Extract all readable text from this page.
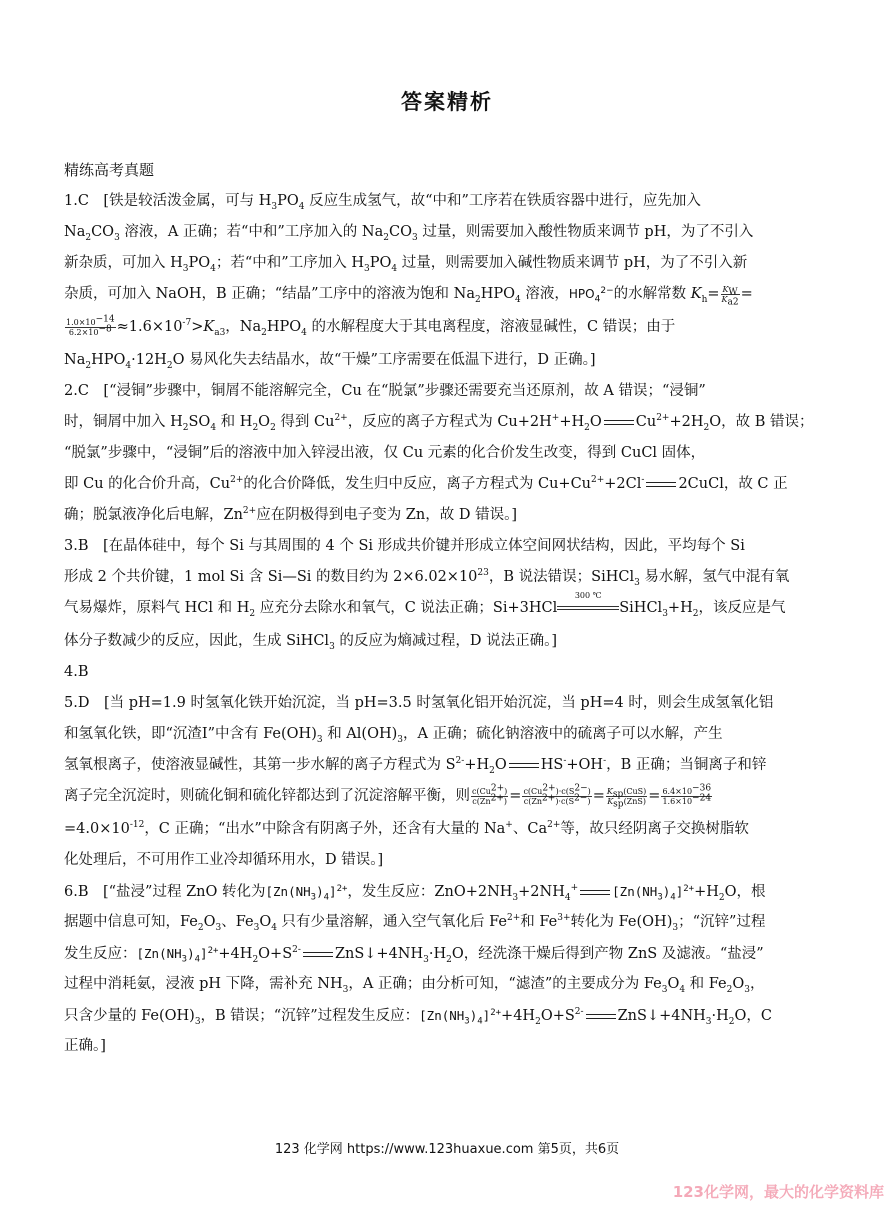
答案精析
精练高考真题
1.C　[铁是较活泼金属，可与 $H_3PO_4$ 反应生成氢气，故“中和”工序若在铁质容器中进行，应先加入
$Na_2CO_3$ 溶液，A 正确；若“中和”工序加入的 $Na_2CO_3$ 过量，则需要加入酸性物质来调节 pH，为了不引入
新杂质，可加入 $H_3PO_4$；若“中和”工序加入 $H_3PO_4$ 过量，则需要加入碱性物质来调节 pH，为了不引入新
杂质，可加入 NaOH，B 正确；“结晶”工序中的溶液为饱和 $Na_2HPO_4$ 溶液，$HPO_4^{2-}$的水解常数 $K_h= \frac{K_W}{K_{a2}}$ =
$\frac{1.0\times 10^{-14}}{6.2\times 10^{-8}} \approx 1.6\times 10^{-7}>K_{a3}$，$Na_2HPO_4$ 的水解程度大于其电离程度，溶液显碱性，C 错误；由于
$Na_2HPO_4\cdot 12H_2O$ 易风化失去结晶水，故“干燥”工序需要在低温下进行，D 正确。]
2.C　[“浸铜”步骤中，铜屑不能溶解完全，Cu 在“脱氯”步骤还需要充当还原剂，故 A 错误；“浸铜”
时，铜屑中加入 $H_2SO_4$ 和 $H_2O_2$ 得到 $Cu^{2+}$，反应的离子方程式为 $Cu+2H^++H_2O$ $Cu^{2+}+2H_2O$，故 B 错误；
“脱氯”步骤中，“浸铜”后的溶液中加入锌浸出液，仅 Cu 元素的化合价发生改变，得到 CuCl 固体，
即 Cu 的化合价升高，$Cu^{2+}$的化合价降低，发生归中反应，离子方程式为 $Cu+Cu^{2+}+2Cl^-$ 2CuCl，故 C 正
确；脱氯液净化后电解，$Zn^{2+}$应在阴极得到电子变为 Zn，故 D 错误。]
3.B　[在晶体硅中，每个 Si 与其周围的 4 个 Si 形成共价键并形成立体空间网状结构，因此，平均每个 Si
形成 2 个共价键，1 mol Si 含 Si—Si 的数目约为 $2\times 6.02\times 10^{23}$，B 说法错误；SiHCl$_3$ 易水解，氢气中混有氧
气易爆炸，原料气 HCl 和 $H_2$ 应充分去除水和氧气，C 说法正确；Si+3HCl
300 ℃
$SiHCl_3+H_2$，该反应是气
体分子数减少的反应，因此，生成 SiHCl$_3$ 的反应为熵减过程，D 说法正确。]
4.B
5.D　[当 pH=1.9 时氢氧化铁开始沉淀，当 pH=3.5 时氢氧化铝开始沉淀，当 pH=4 时，则会生成氢氧化铝
和氢氧化铁，即“沉渣Ⅰ”中含有 $Fe(OH)_3$ 和 $Al(OH)_3$，A 正确；硫化钠溶液中的硫离子可以水解，产生
氢氧根离子，使溶液显碱性，其第一步水解的离子方程式为 $S^{2-}+H_2O$ HS-+OH-，B 正确；当铜离子和锌
离子完全沉淀时，则硫化铜和硫化锌都达到了沉淀溶解平衡，则 $\frac{c(Cu^{2+})}{c(Zn^{2+})} = \frac{c(Cu^{2+})\cdot c(S^{2-})}{c(Zn^{2+})\cdot c(S^{2-})} = \frac{K_{sp}(CuS)}{K_{sp}(ZnS)} = \frac{6.4\times 10^{-36}}{1.6\times 10^{-24}}$
$=4.0\times 10^{-12}$，C 正确；“出水”中除含有阴离子外，还含有大量的 Na+、$Ca^{2+}$等，故只经阴离子交换树脂软
化处理后，不可用作工业冷却循环用水，D 错误。]
6.B　[“盐浸”过程 ZnO 转化为$[Zn(NH_3)_4]^{2+}$，发生反应：$ZnO+2NH_3+2NH_4^+$	$[Zn(NH_3)_4]^{2+}+H_2O$，根
据题中信息可知，$Fe_2O_3$、$Fe_3O_4$ 只有少量溶解，通入空气氧化后 $Fe^{2+}$和 $Fe^{3+}$转化为 $Fe(OH)_3$；“沉锌”过程
发生反应：$[Zn(NH_3)_4]^{2+}+4H_2O+S^{2-}$ $ZnS↓+4NH_3\cdot H_2O$，经洗涤干燥后得到产物 ZnS 及滤液。“盐浸”
过程中消耗氨，浸液 pH 下降，需补充 $NH_3$，A 正确；由分析可知，“滤渣”的主要成分为 $Fe_3O_4$ 和 $Fe_2O_3$，
只含少量的 $Fe(OH)_3$，B 错误；“沉锌”过程发生反应：$[Zn(NH_3)_4]^{2+}+4H_2O+S^{2-}$ $ZnS↓+4NH_3\cdot H_2O$，C
正确。]
123 化学网 https://www.123huaxue.com 第5页，共6页
123化学网，最大的化学资料库
